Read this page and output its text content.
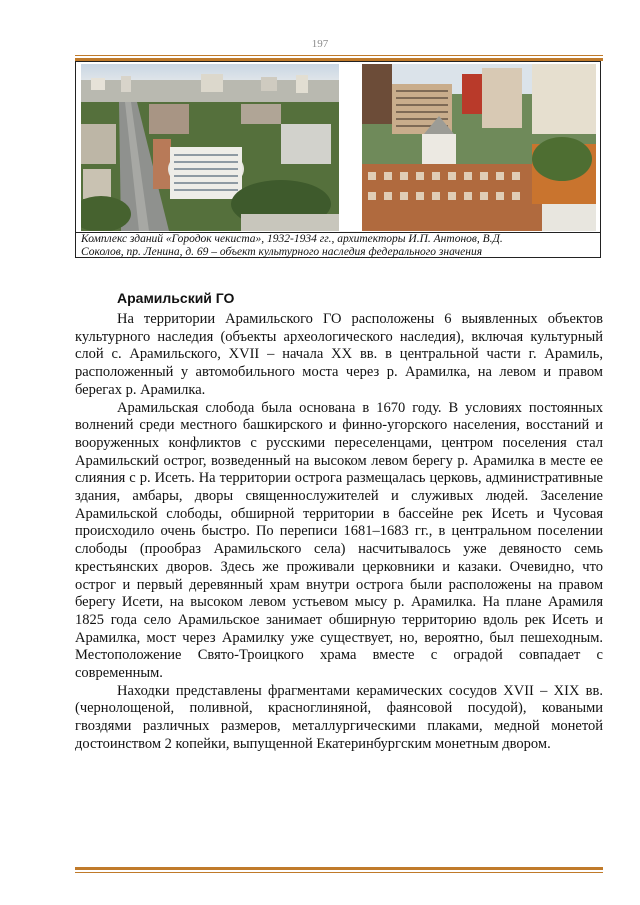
197
Комплекс зданий «Городок чекиста», 1932-1934 гг., архитекторы И.П. Антонов, В.Д.
Соколов, пр. Ленина, д. 69 – объект культурного наследия федерального значения
Арамильский ГО

На территории Арамильского ГО расположены 6 выявленных объектов культурного наследия (объекты археологического наследия), включая культурный слой с. Арамильского, XVII – начала XX вв. в центральной части г. Арамиль, расположенный у автомобильного моста через р. Арамилка, на левом и правом берегах р. Арамилка.

Арамильская слобода была основана в 1670 году. В условиях постоянных волнений среди местного башкирского и финно-угорского населения, восстаний и вооруженных конфликтов с русскими переселенцами, центром поселения стал Арамильский острог, возведенный на высоком левом берегу р. Арамилка в месте ее слияния с р. Исеть. На территории острога размещалась церковь, административные здания, амбары, дворы священнослужителей и служивых людей. Заселение Арамильской слободы, обширной территории в бассейне рек Исеть и Чусовая происходило очень быстро. По переписи 1681–1683 гг., в центральном поселении слободы (прообраз Арамильского села) насчитывалось уже девяносто семь крестьянских дворов. Здесь же проживали церковники и казаки. Очевидно, что острог и первый деревянный храм внутри острога были расположены на правом берегу Исети, на высоком левом устьевом мысу р. Арамилка. На плане Арамиля 1825 года село Арамильское занимает обширную территорию вдоль рек Исеть и Арамилка, мост через Арамилку уже существует, но, вероятно, был пешеходным. Местоположение Свято-Троицкого храма вместе с оградой совпадает с современным.

Находки представлены фрагментами керамических сосудов XVII – XIX вв. (чернолощеной, поливной, красноглиняной, фаянсовой посудой), коваными гвоздями различных размеров, металлургическими плаками, медной монетой достоинством 2 копейки, выпущенной Екатеринбургским монетным двором.
